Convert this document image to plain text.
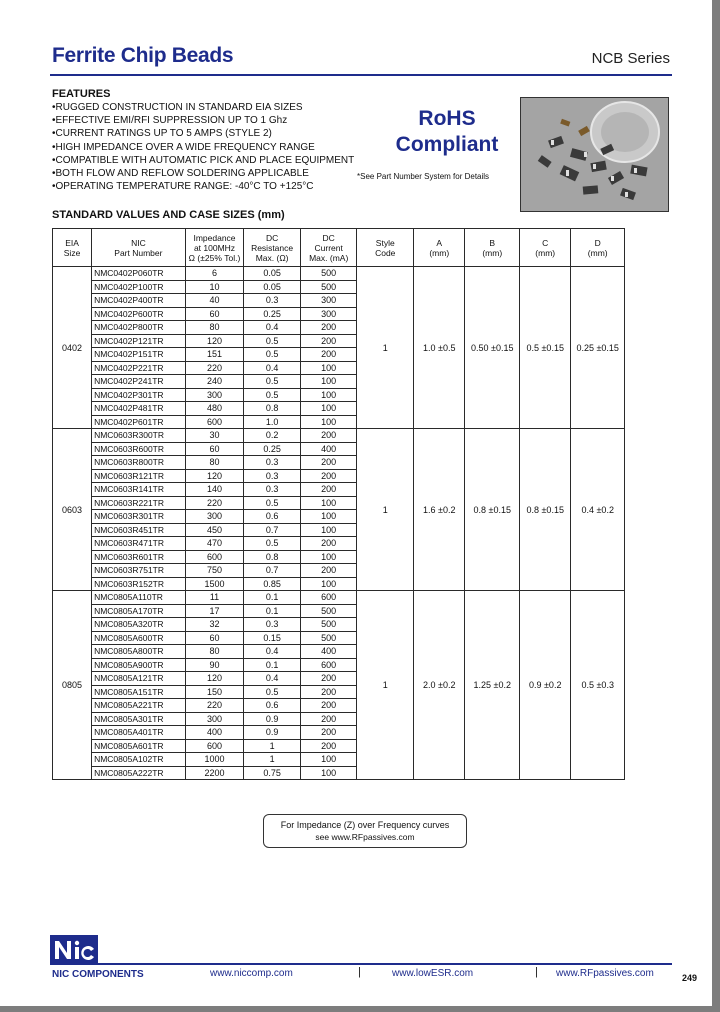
Ferrite Chip Beads	NCB Series
FEATURES
• RUGGED CONSTRUCTION IN STANDARD EIA SIZES
• EFFECTIVE EMI/RFI SUPPRESSION UP TO 1 Ghz
• CURRENT RATINGS UP TO 5 AMPS (STYLE 2)
• HIGH IMPEDANCE OVER A WIDE FREQUENCY RANGE
• COMPATIBLE WITH AUTOMATIC PICK AND PLACE EQUIPMENT
• BOTH FLOW AND REFLOW SOLDERING APPLICABLE
• OPERATING TEMPERATURE RANGE: -40°C TO +125°C
RoHS
Compliant
*See Part Number System for Details
STANDARD VALUES AND CASE SIZES (mm)
EIA
Size	NIC
Part Number	Impedance
at 100MHz
Ω (±25% Tol.)	DC
Resistance
Max. (Ω)	DC
Current
Max. (mA)	Style
Code	A
(mm)	B
(mm)	C
(mm)	D
(mm)
0402	NMC0402P060TR	6	0.05	500	1	1.0 ±0.5	0.50 ±0.15	0.5 ±0.15	0.25 ±0.15
	NMC0402P100TR	10	0.05	500					
	NMC0402P400TR	40	0.3	300					
	NMC0402P600TR	60	0.25	300					
	NMC0402P800TR	80	0.4	200					
	NMC0402P121TR	120	0.5	200					
	NMC0402P151TR	151	0.5	200					
	NMC0402P221TR	220	0.4	100					
	NMC0402P241TR	240	0.5	100					
	NMC0402P301TR	300	0.5	100					
	NMC0402P481TR	480	0.8	100					
	NMC0402P601TR	600	1.0	100					
0603	NMC0603R300TR	30	0.2	200	1	1.6 ±0.2	0.8 ±0.15	0.8 ±0.15	0.4 ±0.2
	NMC0603R600TR	60	0.25	400					
	NMC0603R800TR	80	0.3	200					
	NMC0603R121TR	120	0.3	200					
	NMC0603R141TR	140	0.3	200					
	NMC0603R221TR	220	0.5	100					
	NMC0603R301TR	300	0.6	100					
	NMC0603R451TR	450	0.7	100					
	NMC0603R471TR	470	0.5	200					
	NMC0603R601TR	600	0.8	100					
	NMC0603R751TR	750	0.7	200					
	NMC0603R152TR	1500	0.85	100					
0805	NMC0805A110TR	11	0.1	600	1	2.0 ±0.2	1.25 ±0.2	0.9 ±0.2	0.5 ±0.3
	NMC0805A170TR	17	0.1	500					
	NMC0805A320TR	32	0.3	500					
	NMC0805A600TR	60	0.15	500					
	NMC0805A800TR	80	0.4	400					
	NMC0805A900TR	90	0.1	600					
	NMC0805A121TR	120	0.4	200					
	NMC0805A151TR	150	0.5	200					
	NMC0805A221TR	220	0.6	200					
	NMC0805A301TR	300	0.9	200					
	NMC0805A401TR	400	0.9	200					
	NMC0805A601TR	600	1	200					
	NMC0805A102TR	1000	1	100					
	NMC0805A222TR	2200	0.75	100					
For Impedance (Z) over Frequency curves
see www.RFpassives.com
NIC COMPONENTS	www.niccomp.com	|	www.lowESR.com	| www.RFpassives.com	249
